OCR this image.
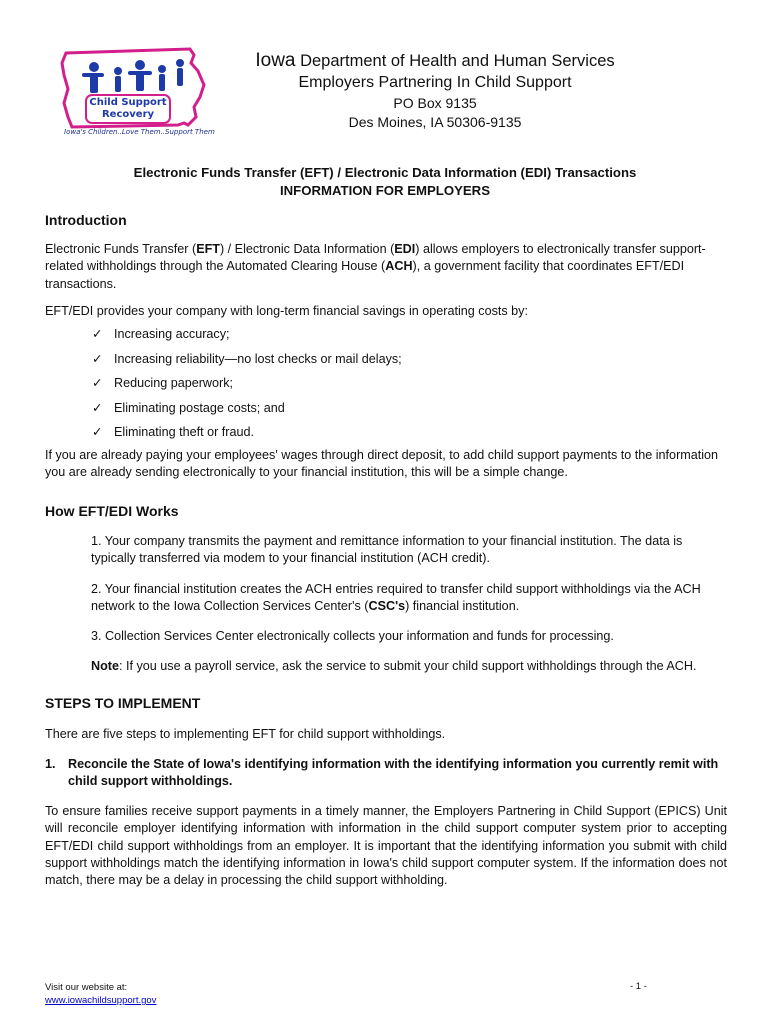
Child Support
Recovery
Iowa's Children..Love Them..Support Them
Iowa Department of Health and Human Services
Employers Partnering In Child Support
PO Box 9135
Des Moines, IA 50306-9135
Electronic Funds Transfer (EFT) / Electronic Data Information (EDI) Transactions
INFORMATION FOR EMPLOYERS
Introduction

Electronic Funds Transfer (EFT) / Electronic Data Information (EDI) allows employers to electronically transfer support-related withholdings through the Automated Clearing House (ACH), a government facility that coordinates EFT/EDI transactions.

EFT/EDI provides your company with long-term financial savings in operating costs by:

✓ Increasing accuracy;
✓ Increasing reliability—no lost checks or mail delays;
✓ Reducing paperwork;
✓ Eliminating postage costs; and
✓ Eliminating theft or fraud.

If you are already paying your employees' wages through direct deposit, to add child support payments to the information you are already sending electronically to your financial institution, this will be a simple change.

How EFT/EDI Works

1. Your company transmits the payment and remittance information to your financial institution. The data is typically transferred via modem to your financial institution (ACH credit).

2. Your financial institution creates the ACH entries required to transfer child support withholdings via the ACH network to the Iowa Collection Services Center's (CSC's) financial institution.

3. Collection Services Center electronically collects your information and funds for processing.

Note: If you use a payroll service, ask the service to submit your child support withholdings through the ACH.

STEPS TO IMPLEMENT

There are five steps to implementing EFT for child support withholdings.

1. Reconcile the State of Iowa's identifying information with the identifying information you currently remit with child support withholdings.

To ensure families receive support payments in a timely manner, the Employers Partnering in Child Support (EPICS) Unit will reconcile employer identifying information with information in the child support computer system prior to accepting EFT/EDI child support withholdings from an employer. It is important that the identifying information you submit with child support withholdings match the identifying information in Iowa's child support computer system. If the information does not match, there may be a delay in processing the child support withholding.

Visit our website at:
www.iowachildsupport.gov
- 1 -
